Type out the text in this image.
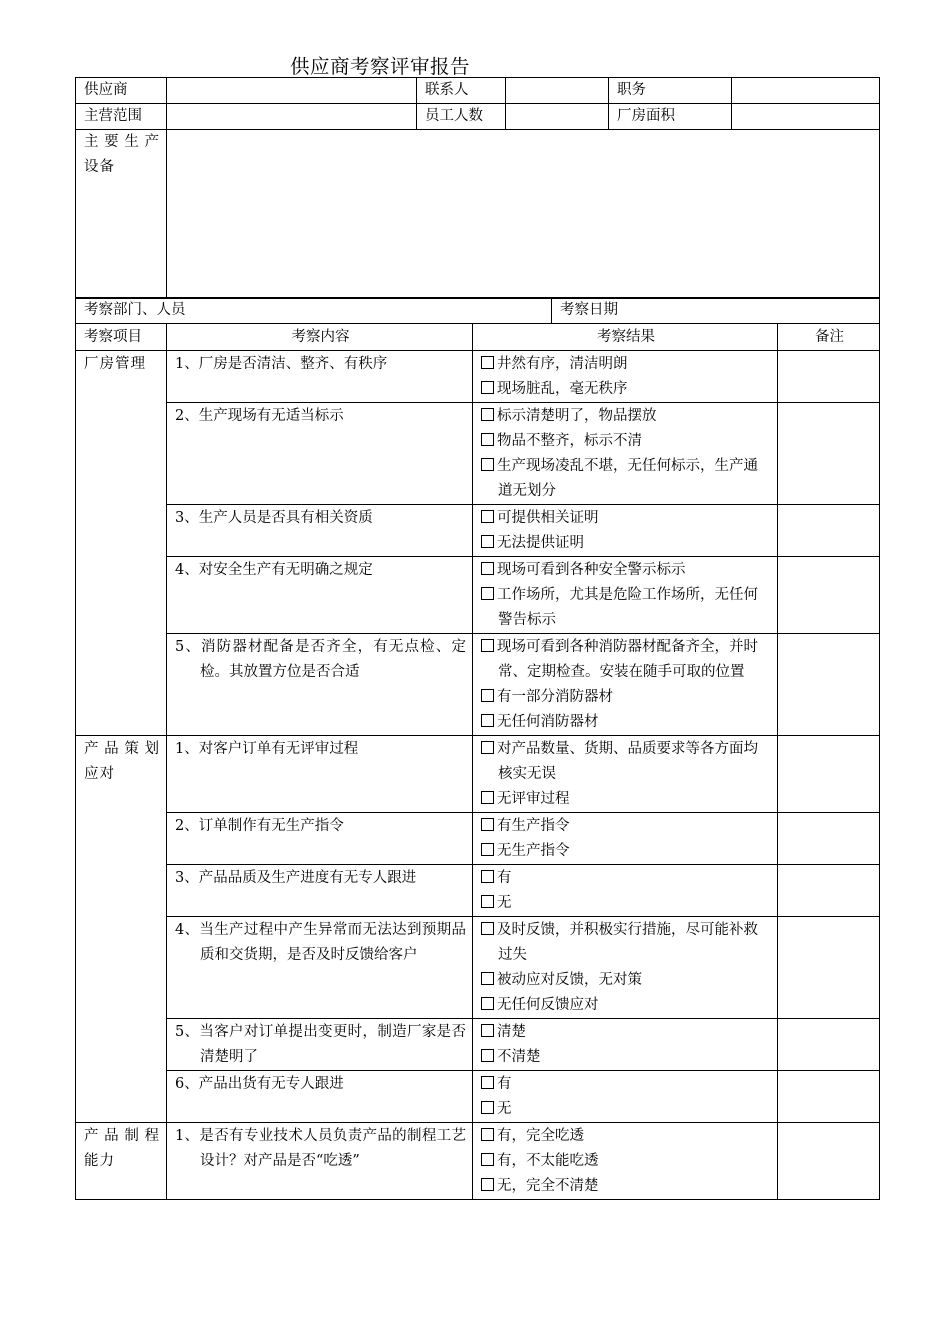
供应商考察评审报告
供应商		联系人		职务	
主营范围		员工人数		厂房面积	

主要生产设备					

考察部门、人员	考察日期
考察项目	考察内容	考察结果	备注

厂房管理	1、厂房是否清洁、整齐、有秩序	井然有序，清洁明朗
现场脏乱，毫无秩序	

	2、生产现场有无适当标示	标示清楚明了，物品摆放
物品不整齐，标示不清
生产现场凌乱不堪，无任何标示，生产通道无划分	

	3、生产人员是否具有相关资质	可提供相关证明
无法提供证明	

	4、对安全生产有无明确之规定	现场可看到各种安全警示标示
工作场所，尤其是危险工作场所，无任何警告标示	

	5、消防器材配备是否齐全，有无点检、定检。其放置方位是否合适	现场可看到各种消防器材配备齐全，并时常、定期检查。安装在随手可取的位置
有一部分消防器材
无任何消防器材	

产品策划应对	1、对客户订单有无评审过程	对产品数量、货期、品质要求等各方面均核实无误
无评审过程	

	2、订单制作有无生产指令	有生产指令
无生产指令	

	3、产品品质及生产进度有无专人跟进	有
无	

	4、当生产过程中产生异常而无法达到预期品质和交货期，是否及时反馈给客户	及时反馈，并积极实行措施，尽可能补救过失
被动应对反馈，无对策
无任何反馈应对	

	5、当客户对订单提出变更时，制造厂家是否清楚明了	清楚
不清楚	

	6、产品出货有无专人跟进	有
无	

产品制程能力	1、是否有专业技术人员负责产品的制程工艺设计？对产品是否“吃透”	有，完全吃透
有，不太能吃透
无，完全不清楚	
